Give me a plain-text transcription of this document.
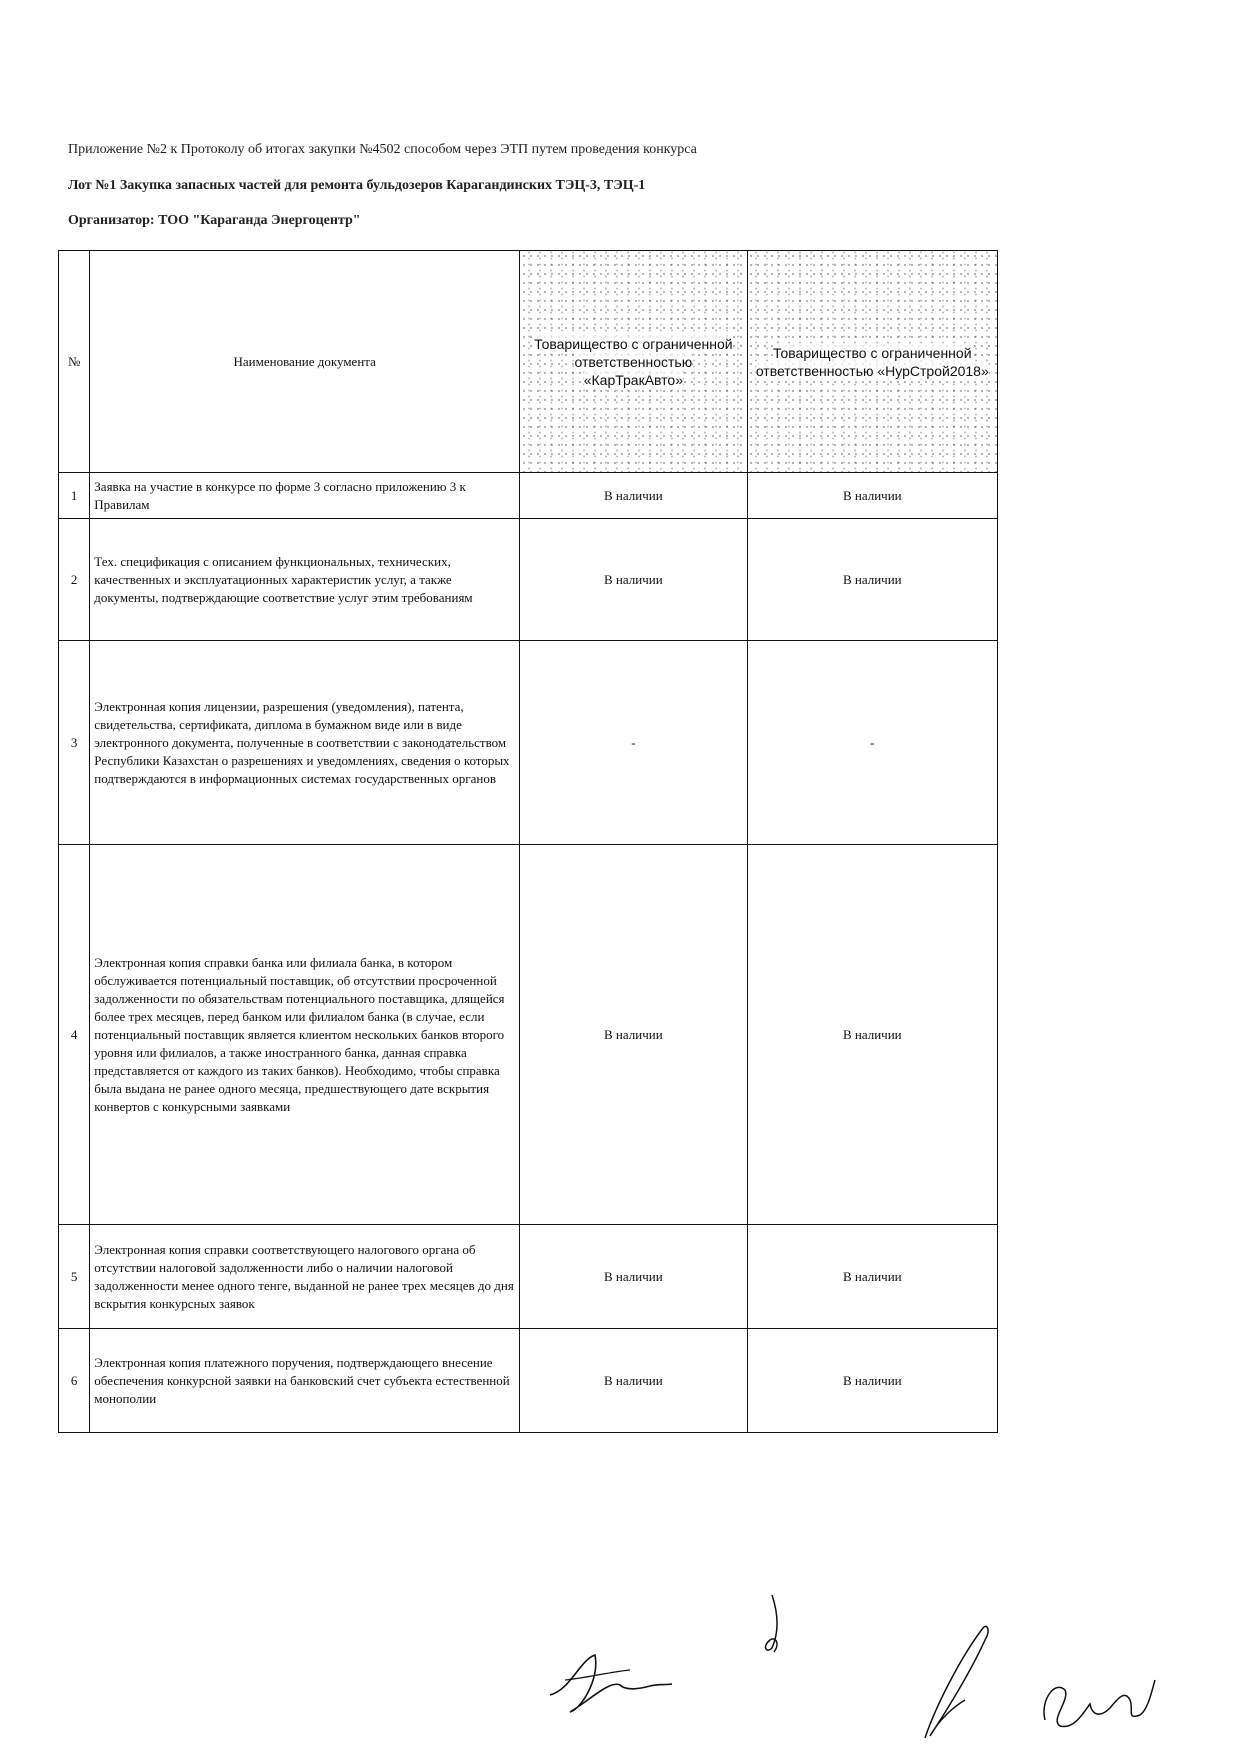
Приложение №2 к Протоколу об итогах закупки №4502 способом через ЭТП путем проведения конкурса
Лот №1 Закупка запасных частей для ремонта бульдозеров Карагандинских ТЭЦ-3, ТЭЦ-1
Организатор: ТОО "Караганда Энергоцентр"
№	Наименование документа	Товарищество с ограниченной ответственностью «КарТракАвто»	Товарищество с ограниченной ответственностью «НурСтрой2018»
1	Заявка на участие в конкурсе по форме 3 согласно приложению 3 к Правилам	В наличии	В наличии
2	Тех. спецификация с описанием функциональных, технических, качественных и эксплуатационных характеристик услуг, а также документы, подтверждающие соответствие услуг этим требованиям	В наличии	В наличии
3	Электронная копия лицензии, разрешения (уведомления), патента, свидетельства, сертификата, диплома в бумажном виде или в виде электронного документа, полученные в соответствии с законодательством Республики Казахстан о разрешениях и уведомлениях, сведения о которых подтверждаются в информационных системах государственных органов	-	-
4	Электронная копия справки банка или филиала банка, в котором обслуживается потенциальный поставщик, об отсутствии просроченной задолженности по обязательствам потенциального поставщика, длящейся более трех месяцев, перед банком или филиалом банка (в случае, если потенциальный поставщик является клиентом нескольких банков второго уровня или филиалов, а также иностранного банка, данная справка представляется от каждого из таких банков). Необходимо, чтобы справка была выдана не ранее одного месяца, предшествующего дате вскрытия конвертов с конкурсными заявками	В наличии	В наличии
5	Электронная копия справки соответствующего налогового органа об отсутствии налоговой задолженности либо о наличии налоговой задолженности менее одного тенге, выданной не ранее трех месяцев до дня вскрытия конкурсных заявок	В наличии	В наличии
6	Электронная копия платежного поручения, подтверждающего внесение обеспечения конкурсной заявки на банковский счет субъекта естественной монополии	В наличии	В наличии
